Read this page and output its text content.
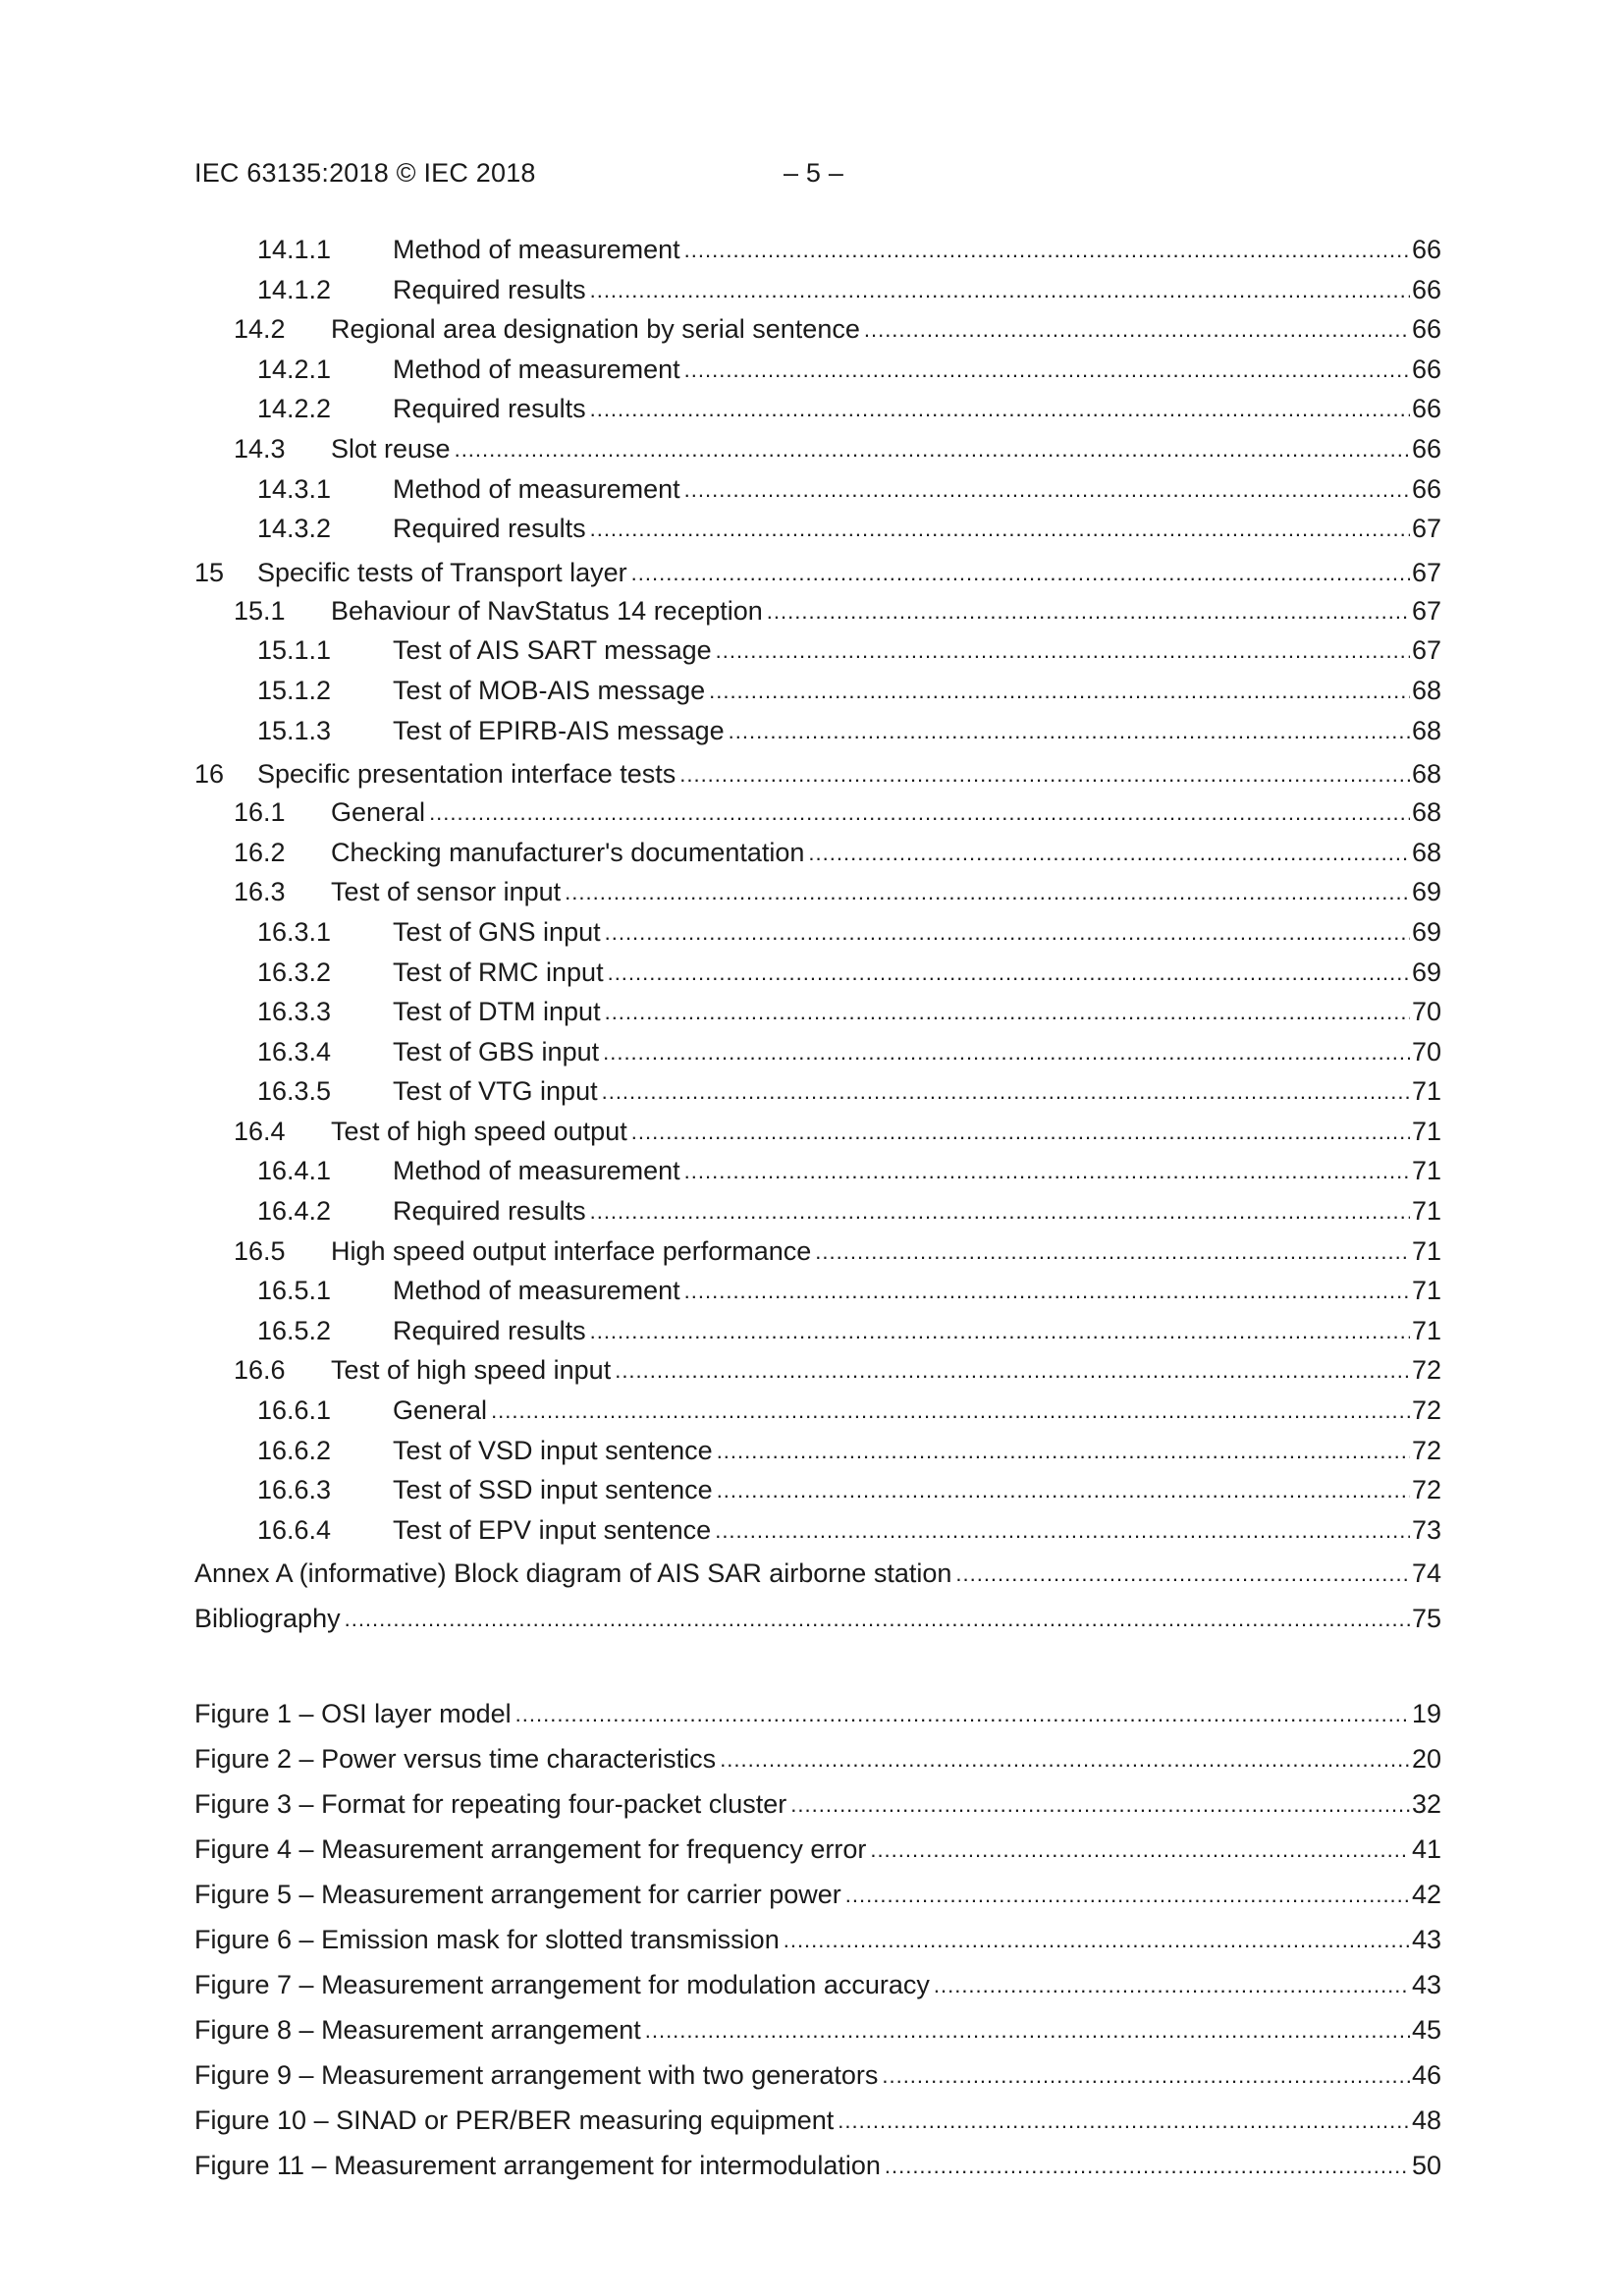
IEC 63135:2018 © IEC 2018	– 5 –
14.1.1	Method of measurement .....	66
14.1.2	Required results .....	66
14.2	Regional area designation by serial sentence .....	66
14.2.1	Method of measurement .....	66
14.2.2	Required results .....	66
14.3	Slot reuse .....	66
14.3.1	Method of measurement .....	66
14.3.2	Required results .....	67
15	Specific tests of Transport layer .....	67
15.1	Behaviour of NavStatus 14 reception .....	67
15.1.1	Test of AIS SART message .....	67
15.1.2	Test of MOB-AIS message .....	68
15.1.3	Test of EPIRB-AIS message .....	68
16	Specific presentation interface tests .....	68
16.1	General .....	68
16.2	Checking manufacturer's documentation .....	68
16.3	Test of sensor input .....	69
16.3.1	Test of GNS input .....	69
16.3.2	Test of RMC input .....	69
16.3.3	Test of DTM input .....	70
16.3.4	Test of GBS input .....	70
16.3.5	Test of VTG input .....	71
16.4	Test of high speed output .....	71
16.4.1	Method of measurement .....	71
16.4.2	Required results .....	71
16.5	High speed output interface performance .....	71
16.5.1	Method of measurement .....	71
16.5.2	Required results .....	71
16.6	Test of high speed input .....	72
16.6.1	General .....	72
16.6.2	Test of VSD input sentence .....	72
16.6.3	Test of SSD input sentence .....	72
16.6.4	Test of EPV input sentence .....	73
Annex A (informative) Block diagram of AIS SAR airborne station .....	74
Bibliography .....	75
Figure 1 – OSI layer model .....	19
Figure 2 – Power versus time characteristics .....	20
Figure 3 – Format for repeating four-packet cluster .....	32
Figure 4 – Measurement arrangement for frequency error .....	41
Figure 5 – Measurement arrangement for carrier power .....	42
Figure 6 – Emission mask for slotted transmission .....	43
Figure 7 – Measurement arrangement for modulation accuracy .....	43
Figure 8 – Measurement arrangement .....	45
Figure 9 – Measurement arrangement with two generators .....	46
Figure 10 – SINAD or PER/BER measuring equipment .....	48
Figure 11 – Measurement arrangement for intermodulation .....	50
